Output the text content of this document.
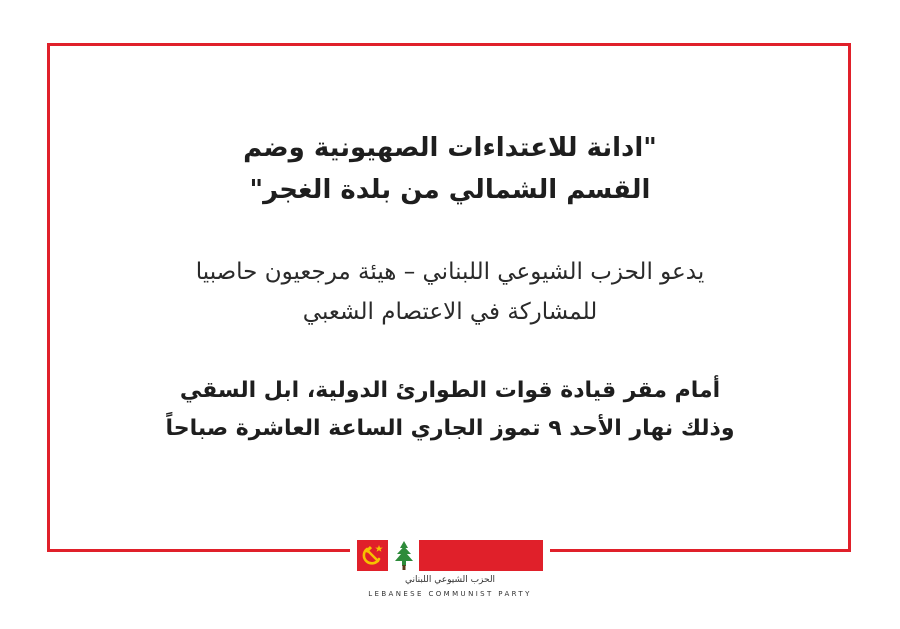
"ادانة للاعتداءات الصهيونية وضم
القسم الشمالي من بلدة الغجر"
يدعو الحزب الشيوعي اللبناني – هيئة مرجعيون حاصبيا
للمشاركة في الاعتصام الشعبي
أمام مقر قيادة قوات الطوارئ الدولية، ابل السقي
وذلك نهار الأحد ٩ تموز الجاري الساعة العاشرة صباحاً
الحزب الشيوعي اللبناني
LEBANESE COMMUNIST PARTY
